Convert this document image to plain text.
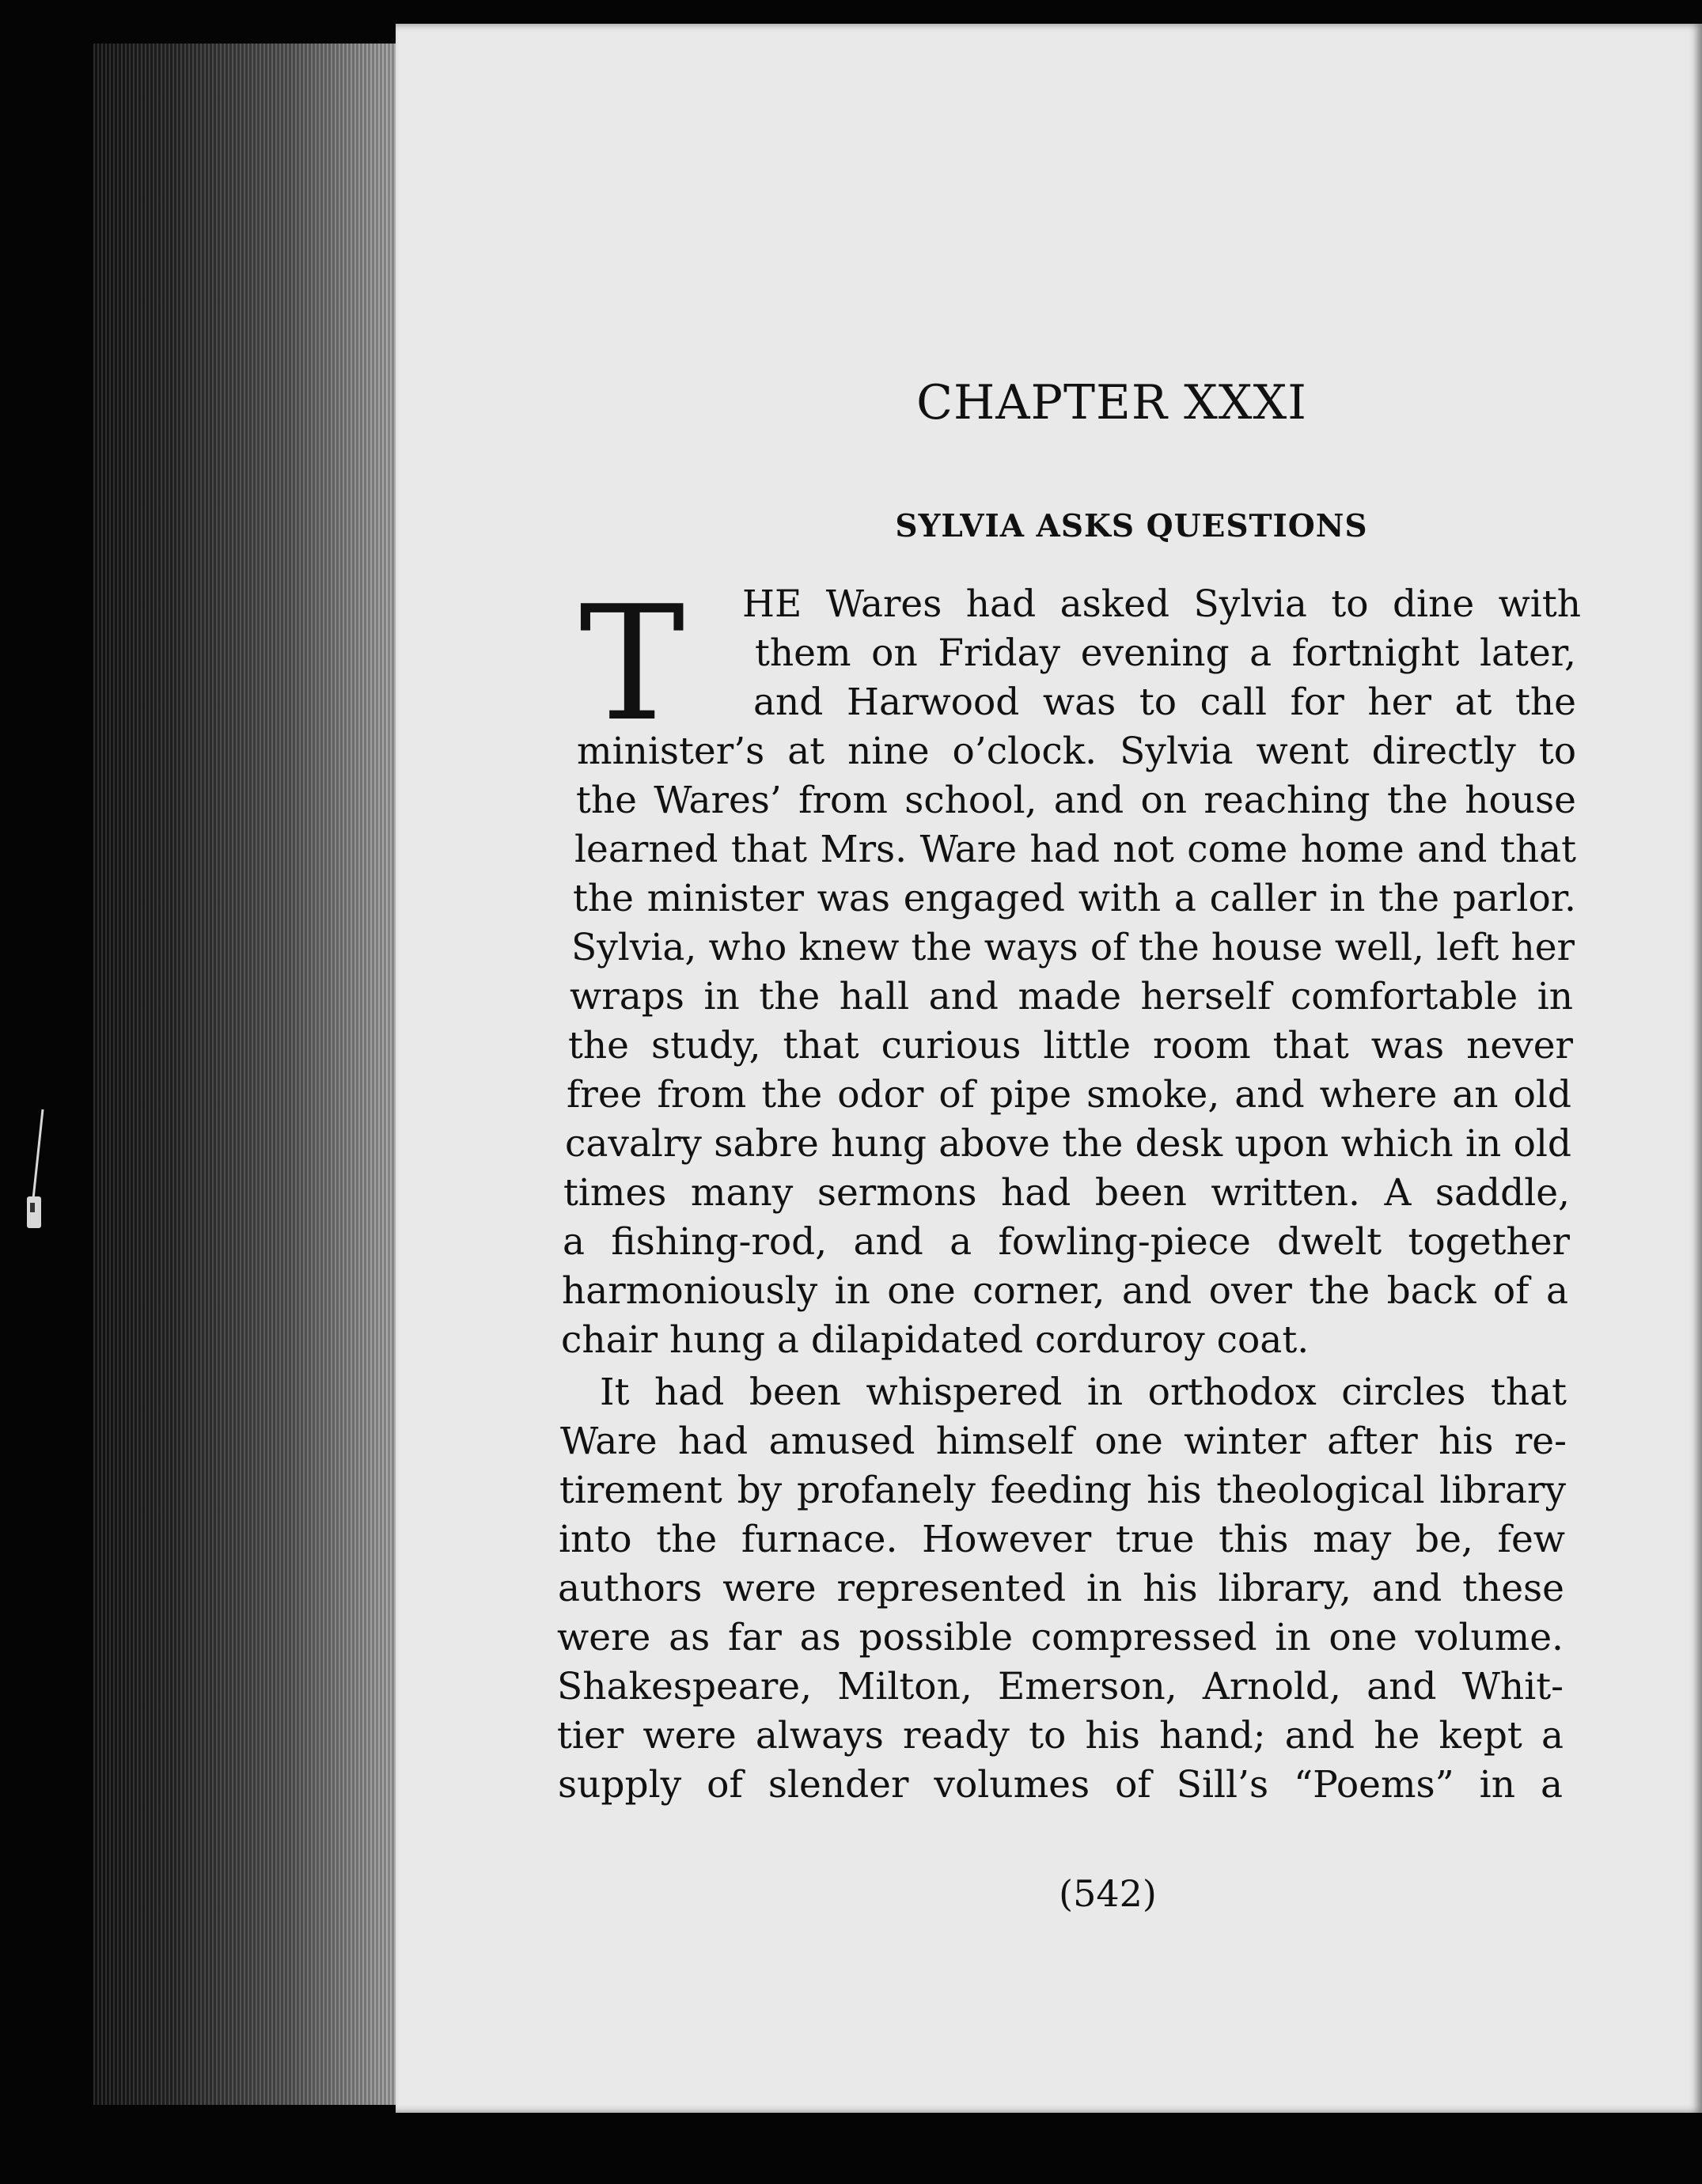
CHAPTER XXXI
SYLVIA ASKS QUESTIONS
T HE Wares had asked Sylvia to dine with

them on Friday evening a fortnight later,

and Harwood was to call for her at the

minister’s at nine o’clock. Sylvia went directly to

the Wares’ from school, and on reaching the house

learned that Mrs. Ware had not come home and that

the minister was engaged with a caller in the parlor.

Sylvia, who knew the ways of the house well, left her

wraps in the hall and made herself comfortable in

the study, that curious little room that was never

free from the odor of pipe smoke, and where an old

cavalry sabre hung above the desk upon which in old

times many sermons had been written. A saddle,

a fishing-rod, and a fowling-piece dwelt together

harmoniously in one corner, and over the back of a

chair hung a dilapidated corduroy coat.

It had been whispered in orthodox circles that

Ware had amused himself one winter after his re-

tirement by profanely feeding his theological library

into the furnace. However true this may be, few

authors were represented in his library, and these

were as far as possible compressed in one volume.

Shakespeare, Milton, Emerson, Arnold, and Whit-

tier were always ready to his hand; and he kept a

supply of slender volumes of Sill’s “Poems” in a

(542)
